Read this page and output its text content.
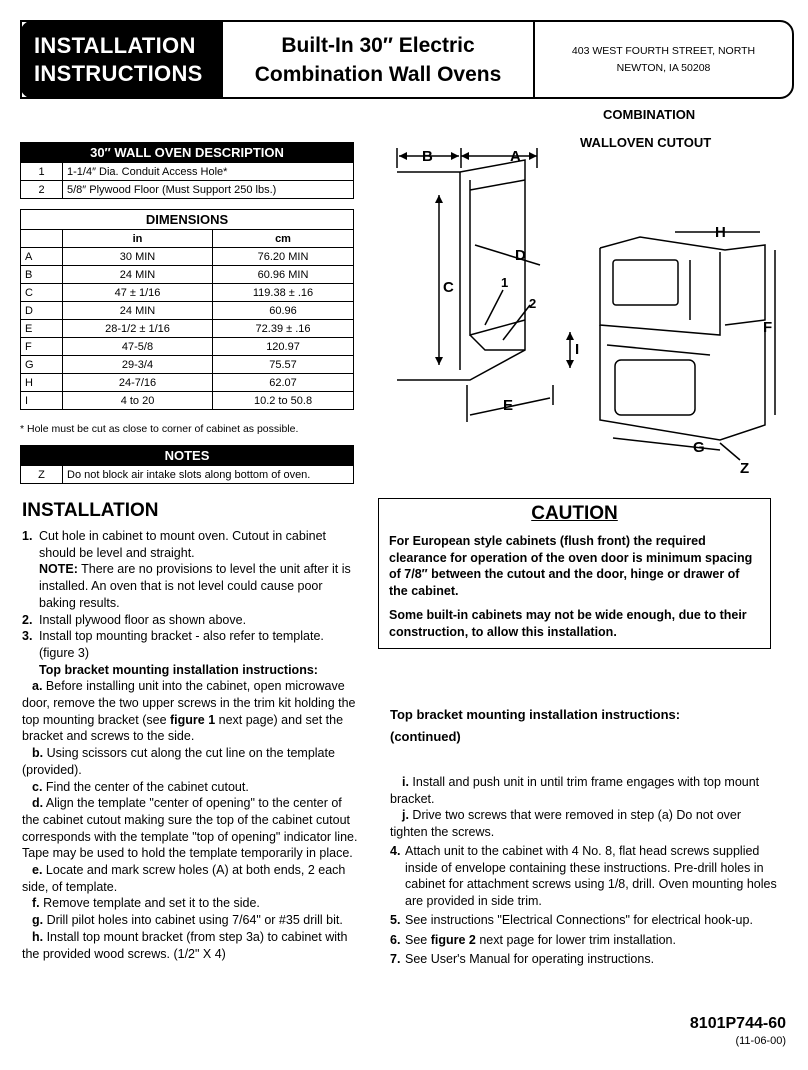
INSTALLATION
INSTRUCTIONS
Built-In 30″ Electric
Combination Wall Ovens
403 WEST FOURTH STREET, NORTH
NEWTON, IA 50208
30″ WALL OVEN DESCRIPTION	
1	1-1/4″ Dia. Conduit Access Hole*
2	5/8″ Plywood Floor (Must Support 250 lbs.)
DIMENSIONS		
	in	cm
A	30 MIN	76.20 MIN
B	24 MIN	60.96 MIN
C	47 ± 1/16	119.38 ± .16
D	24 MIN	60.96
E	28-1/2 ± 1/16	72.39 ± .16
F	47-5/8	120.97
G	29-3/4	75.57
H	24-7/16	62.07
I	4 to 20	10.2 to 50.8
* Hole must be cut as close to corner of cabinet as possible.
NOTES
Z	Do not block air intake slots along bottom of oven.
COMBINATION
WALLOVEN CUTOUT
B	A
C
D
E
I
1
2
H
F
G
Z
INSTALLATION
1. Cut hole in cabinet to mount oven. Cutout in cabinet should be level and straight.
NOTE: There are no provisions to level the unit after it is installed. An oven that is not level could cause poor baking results.
2. Install plywood floor as shown above.
3. Install top mounting bracket - also refer to template.(figure 3)
Top bracket mounting installation instructions:
a. Before installing unit into the cabinet, open microwave door, remove the two upper screws in the trim kit holding the top mounting bracket (see figure 1 next page) and set the bracket and screws to the side.
b. Using scissors cut along the cut line on the template (provided).
c. Find the center of the cabinet cutout.
d. Align the template "center of opening" to the center of the cabinet cutout making sure the top of the cabinet cutout corresponds with the template "top of opening" indicator line. Tape may be used to hold the template temporarily in place.
e. Locate and mark screw holes (A) at both ends, 2 each side, of template.
f. Remove template and set it to the side.
g. Drill pilot holes into cabinet using 7/64" or #35 drill bit.
h. Install top mount bracket (from step 3a) to cabinet with the provided wood screws. (1/2" X 4)
CAUTION

For European style cabinets (flush front) the required clearance for operation of the oven door is minimum spacing of 7/8″ between the cutout and the door, hinge or drawer of the cabinet.

Some built-in cabinets may not be wide enough, due to their construction, to allow this installation.

Top bracket mounting installation instructions:
(continued)
i. Install and push unit in until trim frame engages with top mount bracket.
j. Drive two screws that were removed in step (a) Do not over tighten the screws.
4. Attach unit to the cabinet with 4 No. 8, flat head screws supplied inside of envelope containing these instructions. Pre-drill holes in cabinet for attachment screws using 1/8, drill. Oven mounting holes are provided in side trim.
5. See instructions "Electrical Connections" for electrical hook-up.
6. See figure 2 next page for lower trim installation.
7. See User's Manual for operating instructions.
8101P744-60
(11-06-00)
